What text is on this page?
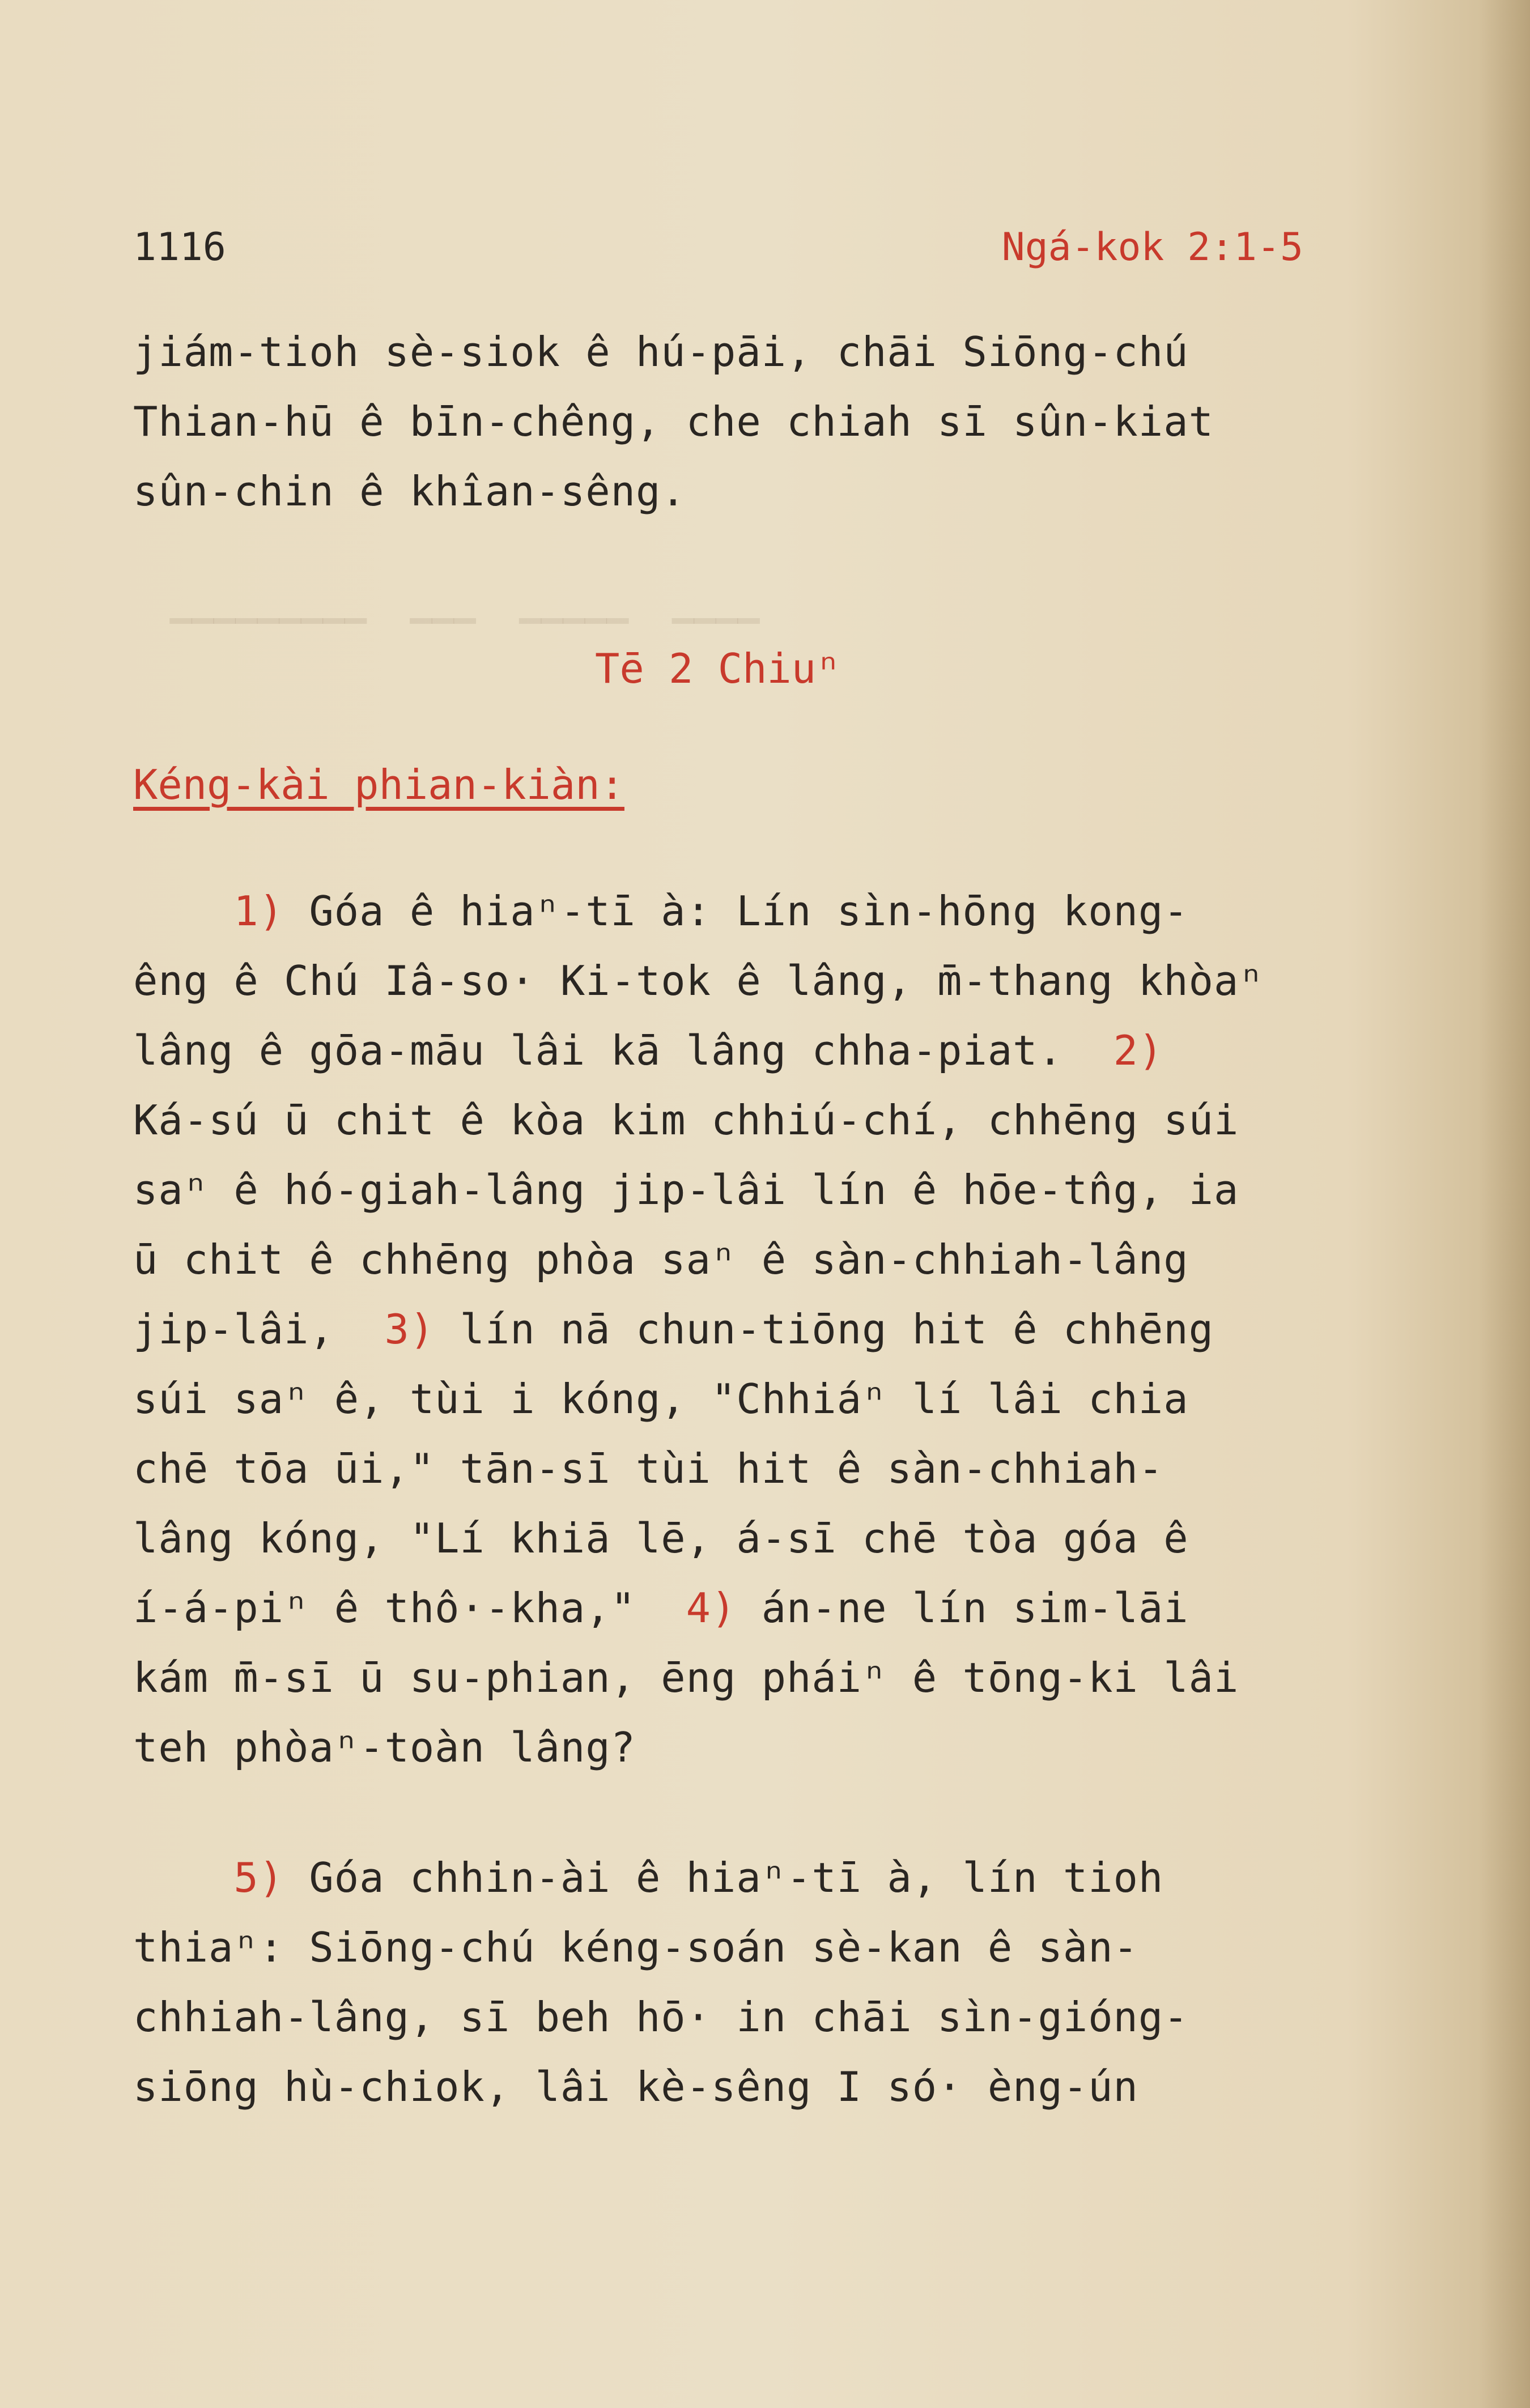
▁▁▁▁  ▁▁▁▁▁  ▁▁▁  ▁▁▁▁▁▁▁▁▁

1116	Ngá-kok 2:1-5
jiám-tioh sè-siok ê hú-pāi, chāi Siōng-chú
Thian-hū ê bīn-chêng, che chiah sī sûn-kiat
sûn-chin ê khîan-sêng.
Tē 2 Chiuⁿ
Kéng-kài phian-kiàn:
1) Góa ê hiaⁿ-tī à: Lín sìn-hōng kong-
êng ê Chú Iâ-so· Ki-tok ê lâng, m̄-thang khòaⁿ
lâng ê gōa-māu lâi kā lâng chha-piat.  2)
Ká-sú ū chit ê kòa kim chhiú-chí, chhēng súi
saⁿ ê hó-giah-lâng jip-lâi lín ê hōe-tn̂g, ia
ū chit ê chhēng phòa saⁿ ê sàn-chhiah-lâng
jip-lâi,  3) lín nā chun-tiōng hit ê chhēng
súi saⁿ ê, tùi i kóng, "Chhiáⁿ lí lâi chia
chē tōa ūi," tān-sī tùi hit ê sàn-chhiah-
lâng kóng, "Lí khiā lē, á-sī chē tòa góa ê
í-á-piⁿ ê thô·-kha,"  4) án-ne lín sim-lāi
kám m̄-sī ū su-phian, ēng pháiⁿ ê tōng-ki lâi
teh phòaⁿ-toàn lâng?
5) Góa chhin-ài ê hiaⁿ-tī à, lín tioh
thiaⁿ: Siōng-chú kéng-soán sè-kan ê sàn-
chhiah-lâng, sī beh hō· in chāi sìn-gióng-
siōng hù-chiok, lâi kè-sêng I só· èng-ún
